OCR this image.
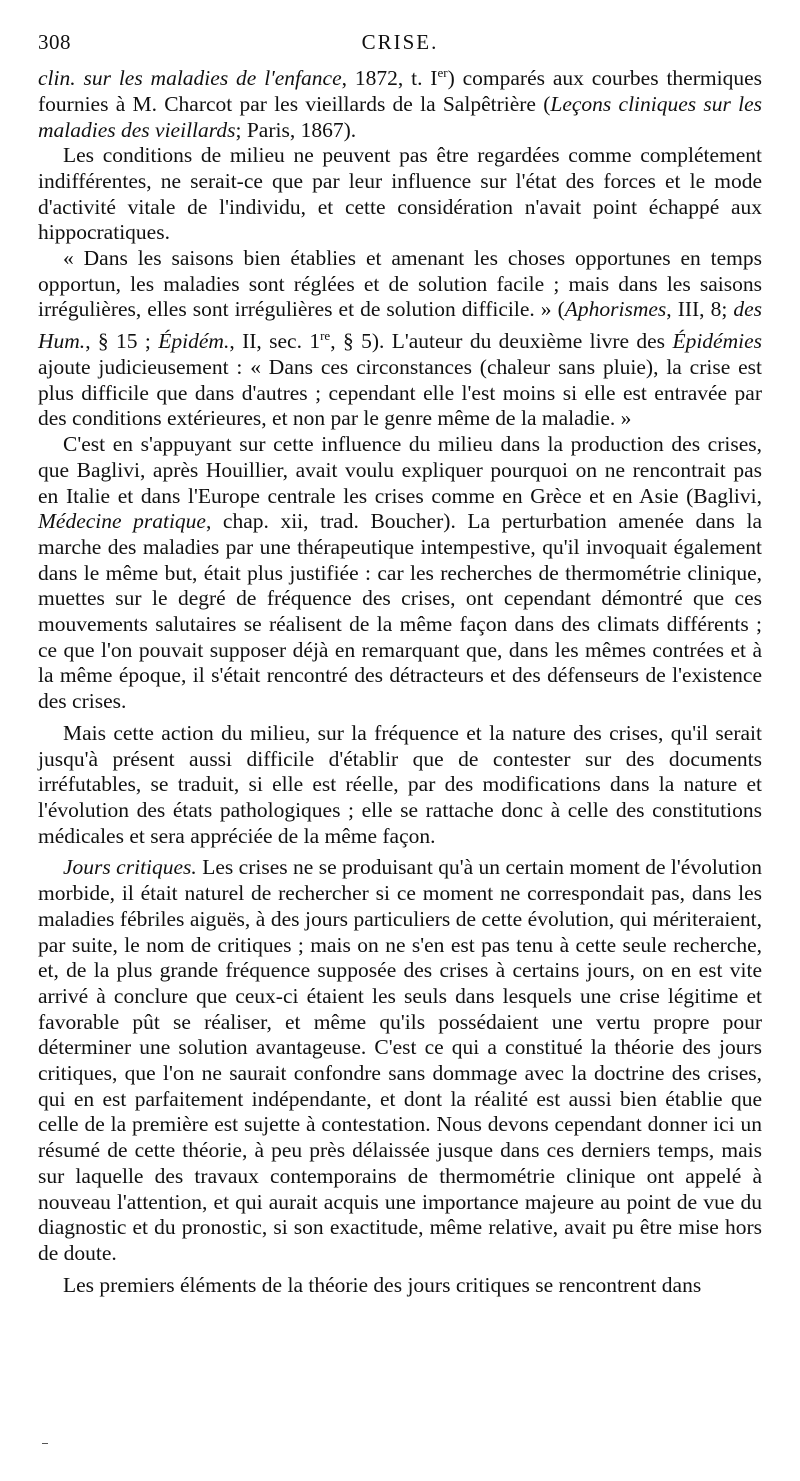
308	CRISE.

clin. sur les maladies de l'enfance, 1872, t. Ier) comparés aux courbes thermiques fournies à M. Charcot par les vieillards de la Salpêtrière (Leçons cliniques sur les maladies des vieillards; Paris, 1867).

Les conditions de milieu ne peuvent pas être regardées comme complétement indifférentes, ne serait-ce que par leur influence sur l'état des forces et le mode d'activité vitale de l'individu, et cette considération n'avait point échappé aux hippocratiques.

« Dans les saisons bien établies et amenant les choses opportunes en temps opportun, les maladies sont réglées et de solution facile ; mais dans les saisons irrégulières, elles sont irrégulières et de solution difficile. » (Aphorismes, III, 8; des Hum., § 15 ; Épidém., II, sec. 1re, § 5). L'auteur du deuxième livre des Épidémies ajoute judicieusement : « Dans ces circonstances (chaleur sans pluie), la crise est plus difficile que dans d'autres ; cependant elle l'est moins si elle est entravée par des conditions extérieures, et non par le genre même de la maladie. »

C'est en s'appuyant sur cette influence du milieu dans la production des crises, que Baglivi, après Houillier, avait voulu expliquer pourquoi on ne rencontrait pas en Italie et dans l'Europe centrale les crises comme en Grèce et en Asie (Baglivi, Médecine pratique, chap. xii, trad. Boucher). La perturbation amenée dans la marche des maladies par une thérapeutique intempestive, qu'il invoquait également dans le même but, était plus justifiée : car les recherches de thermométrie clinique, muettes sur le degré de fréquence des crises, ont cependant démontré que ces mouvements salutaires se réalisent de la même façon dans des climats différents ; ce que l'on pouvait supposer déjà en remarquant que, dans les mêmes contrées et à la même époque, il s'était rencontré des détracteurs et des défenseurs de l'existence des crises.

Mais cette action du milieu, sur la fréquence et la nature des crises, qu'il serait jusqu'à présent aussi difficile d'établir que de contester sur des documents irréfutables, se traduit, si elle est réelle, par des modifications dans la nature et l'évolution des états pathologiques ; elle se rattache donc à celle des constitutions médicales et sera appréciée de la même façon.

Jours critiques. Les crises ne se produisant qu'à un certain moment de l'évolution morbide, il était naturel de rechercher si ce moment ne correspondait pas, dans les maladies fébriles aiguës, à des jours particuliers de cette évolution, qui mériteraient, par suite, le nom de critiques ; mais on ne s'en est pas tenu à cette seule recherche, et, de la plus grande fréquence supposée des crises à certains jours, on en est vite arrivé à conclure que ceux-ci étaient les seuls dans lesquels une crise légitime et favorable pût se réaliser, et même qu'ils possédaient une vertu propre pour déterminer une solution avantageuse. C'est ce qui a constitué la théorie des jours critiques, que l'on ne saurait confondre sans dommage avec la doctrine des crises, qui en est parfaitement indépendante, et dont la réalité est aussi bien établie que celle de la première est sujette à contestation. Nous devons cependant donner ici un résumé de cette théorie, à peu près délaissée jusque dans ces derniers temps, mais sur laquelle des travaux contemporains de thermométrie clinique ont appelé à nouveau l'attention, et qui aurait acquis une importance majeure au point de vue du diagnostic et du pronostic, si son exactitude, même relative, avait pu être mise hors de doute.

Les premiers éléments de la théorie des jours critiques se rencontrent dans
